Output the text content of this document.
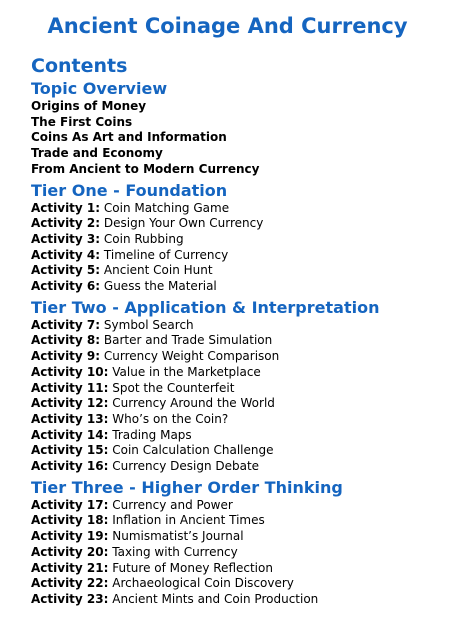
Ancient Coinage And Currency
Contents
Topic Overview
Origins of Money
The First Coins
Coins As Art and Information
Trade and Economy
From Ancient to Modern Currency
Tier One - Foundation
Activity 1: Coin Matching Game
Activity 2: Design Your Own Currency
Activity 3: Coin Rubbing
Activity 4: Timeline of Currency
Activity 5: Ancient Coin Hunt
Activity 6: Guess the Material
Tier Two - Application & Interpretation
Activity 7: Symbol Search
Activity 8: Barter and Trade Simulation
Activity 9: Currency Weight Comparison
Activity 10: Value in the Marketplace
Activity 11: Spot the Counterfeit
Activity 12: Currency Around the World
Activity 13: Who’s on the Coin?
Activity 14: Trading Maps
Activity 15: Coin Calculation Challenge
Activity 16: Currency Design Debate
Tier Three - Higher Order Thinking
Activity 17: Currency and Power
Activity 18: Inflation in Ancient Times
Activity 19: Numismatist’s Journal
Activity 20: Taxing with Currency
Activity 21: Future of Money Reflection
Activity 22: Archaeological Coin Discovery
Activity 23: Ancient Mints and Coin Production
